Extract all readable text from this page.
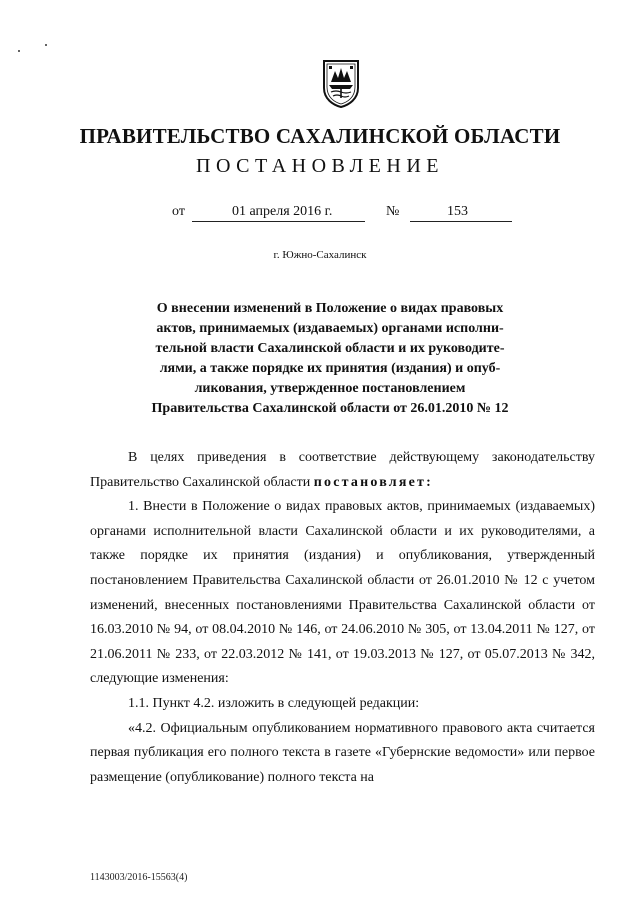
ПРАВИТЕЛЬСТВО САХАЛИНСКОЙ ОБЛАСТИ
ПОСТАНОВЛЕНИЕ
от	01 апреля 2016 г.	№	153
г. Южно-Сахалинск
О внесении изменений в Положение о видах правовых
актов, принимаемых (издаваемых) органами исполни-
тельной власти Сахалинской области и их руководите-
лями, а также порядке их принятия (издания) и опуб-
ликования, утвержденное постановлением
Правительства Сахалинской области от 26.01.2010 № 12

В целях приведения в соответствие действующему законодательству Правительство Сахалинской области постановляет:

1. Внести в Положение о видах правовых актов, принимаемых (издаваемых) органами исполнительной власти Сахалинской области и их руководителями, а также порядке их принятия (издания) и опубликования, утвержденный постановлением Правительства Сахалинской области от 26.01.2010 № 12 с учетом изменений, внесенных постановлениями Правительства Сахалинской области от 16.03.2010 № 94, от 08.04.2010 № 146, от 24.06.2010 № 305, от 13.04.2011 № 127, от 21.06.2011 № 233, от 22.03.2012 № 141, от 19.03.2013 № 127, от 05.07.2013 № 342, следующие изменения:

1.1. Пункт 4.2. изложить в следующей редакции:

«4.2. Официальным опубликованием нормативного правового акта считается первая публикация его полного текста в газете «Губернские ведомости» или первое размещение (опубликование) полного текста на

1143003/2016-15563(4)
